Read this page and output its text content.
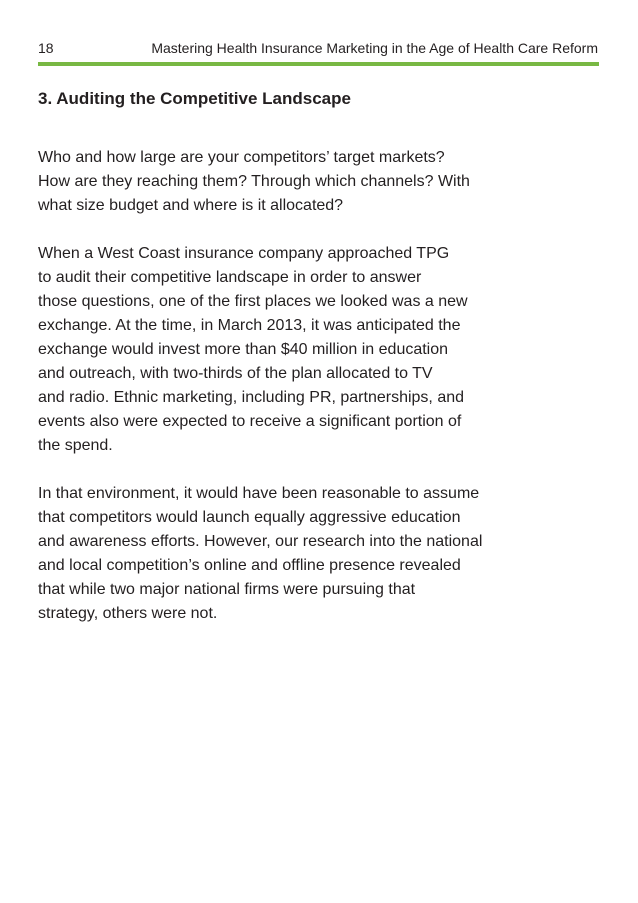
18	Mastering Health Insurance Marketing in the Age of Health Care Reform
3. Auditing the Competitive Landscape

Who and how large are your competitors’ target markets?
How are they reaching them? Through which channels? With
what size budget and where is it allocated?

When a West Coast insurance company approached TPG
to audit their competitive landscape in order to answer
those questions, one of the first places we looked was a new
exchange. At the time, in March 2013, it was anticipated the
exchange would invest more than $40 million in education
and outreach, with two-thirds of the plan allocated to TV
and radio. Ethnic marketing, including PR, partnerships, and
events also were expected to receive a significant portion of
the spend.

In that environment, it would have been reasonable to assume
that competitors would launch equally aggressive education
and awareness efforts. However, our research into the national
and local competition’s online and offline presence revealed
that while two major national firms were pursuing that
strategy, others were not.
